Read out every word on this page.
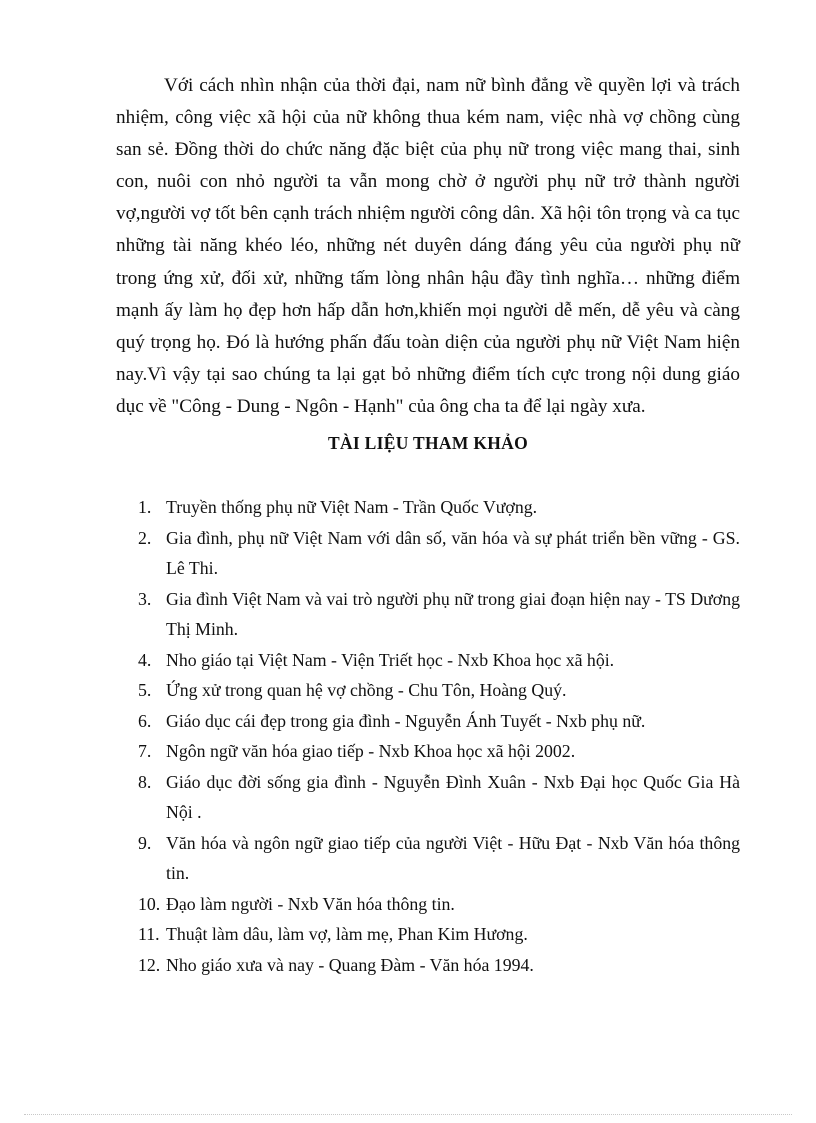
Với cách nhìn nhận của thời đại, nam nữ bình đẳng về quyền lợi và trách nhiệm, công việc xã hội của nữ không thua kém nam, việc nhà vợ chồng cùng san sẻ. Đồng thời do chức năng đặc biệt của phụ nữ trong việc mang thai, sinh con, nuôi con nhỏ người ta vẫn mong chờ ở người phụ nữ trở thành người vợ,người vợ tốt bên cạnh trách nhiệm người công dân. Xã hội tôn trọng và ca tục những tài năng khéo léo, những nét duyên dáng đáng yêu của người phụ nữ trong ứng xử, đối xử, những tấm lòng nhân hậu đầy tình nghĩa… những điểm mạnh ấy làm họ đẹp hơn hấp dẫn hơn,khiến mọi người dễ mến, dễ yêu và càng quý trọng họ. Đó là hướng phấn đấu toàn diện của người phụ nữ Việt Nam hiện nay.Vì vậy tại sao chúng ta lại gạt bỏ những điểm tích cực trong nội dung giáo dục về "Công - Dung - Ngôn - Hạnh" của ông cha ta để lại ngày xưa.

TÀI LIỆU THAM KHẢO
1. Truyền thống phụ nữ Việt Nam - Trần Quốc Vượng.
2. Gia đình, phụ nữ Việt Nam với dân số, văn hóa và sự phát triển bền vững - GS. Lê Thi.
3. Gia đình Việt Nam và vai trò người phụ nữ trong giai đoạn hiện nay - TS Dương Thị Minh.
4. Nho giáo tại Việt Nam - Viện Triết học - Nxb Khoa học xã hội.
5. Ứng xử trong quan hệ vợ chồng - Chu Tôn, Hoàng Quý.
6. Giáo dục cái đẹp trong gia đình - Nguyễn Ánh Tuyết - Nxb phụ nữ.
7. Ngôn ngữ văn hóa giao tiếp - Nxb Khoa học xã hội 2002.
8. Giáo dục đời sống gia đình - Nguyễn Đình Xuân - Nxb Đại học Quốc Gia Hà Nội .
9. Văn hóa và ngôn ngữ giao tiếp của người Việt - Hữu Đạt - Nxb Văn hóa thông tin.
10. Đạo làm người - Nxb Văn hóa thông tin.
11. Thuật làm dâu, làm vợ, làm mẹ, Phan Kim Hương.
12. Nho giáo xưa và nay - Quang Đàm - Văn hóa 1994.
